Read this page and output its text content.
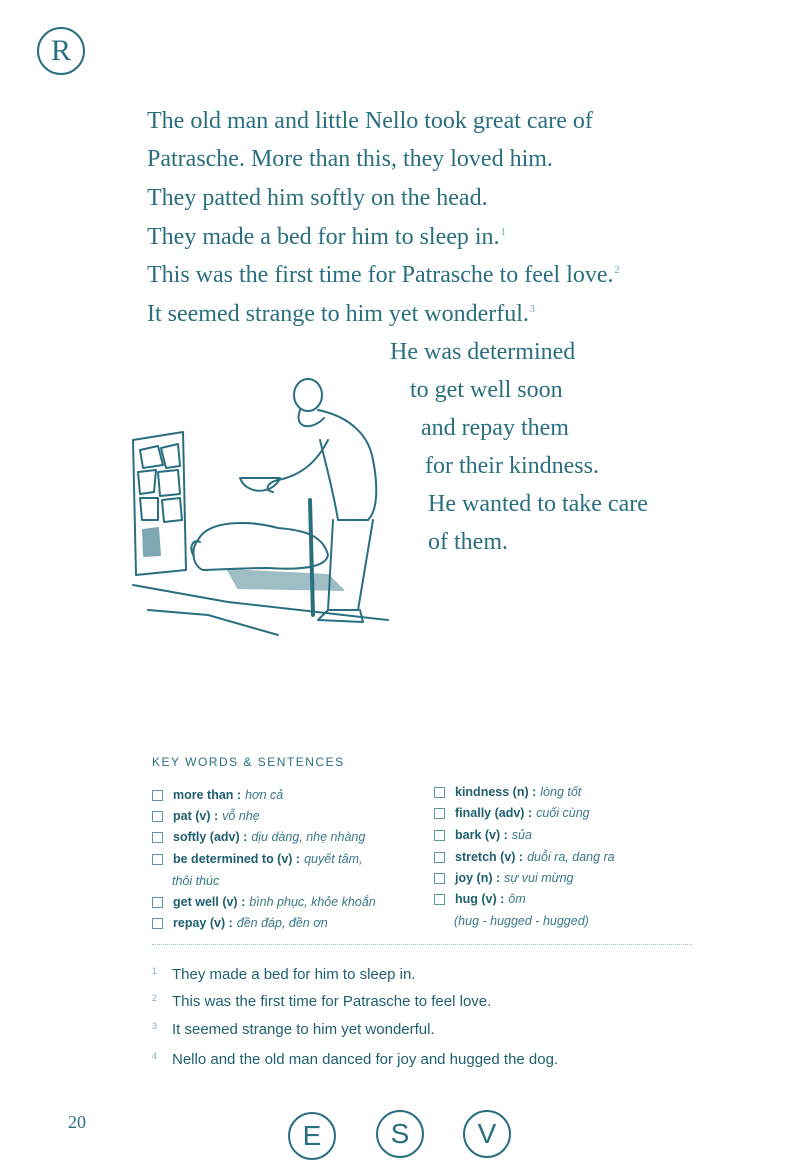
R
The old man and little Nello took great care of
Patrasche. More than this, they loved him.
They patted him softly on the head.
They made a bed for him to sleep in.$^1$
This was the first time for Patrasche to feel love.$^2$
It seemed strange to him yet wonderful.$^3$
He was determined
to get well soon
and repay them
for their kindness.
He wanted to take care
of them.
KEY WORDS & SENTENCES
more than : hơn cả
pat (v) : vỗ nhẹ
softly (adv) : dịu dàng, nhẹ nhàng
be determined to (v) : quyết tâm,
thôi thúc
get well (v) : bình phục, khỏe khoắn
repay (v) : đền đáp, đền ơn
kindness (n) : lòng tốt
finally (adv) : cuối cùng
bark (v) : sủa
stretch (v) : duỗi ra, dang ra
joy (n) : sự vui mừng
hug (v) : ôm
(hug - hugged - hugged)
1 They made a bed for him to sleep in.
2 This was the first time for Patrasche to feel love.
3 It seemed strange to him yet wonderful.
4 Nello and the old man danced for joy and hugged the dog.
20	E	S	V
